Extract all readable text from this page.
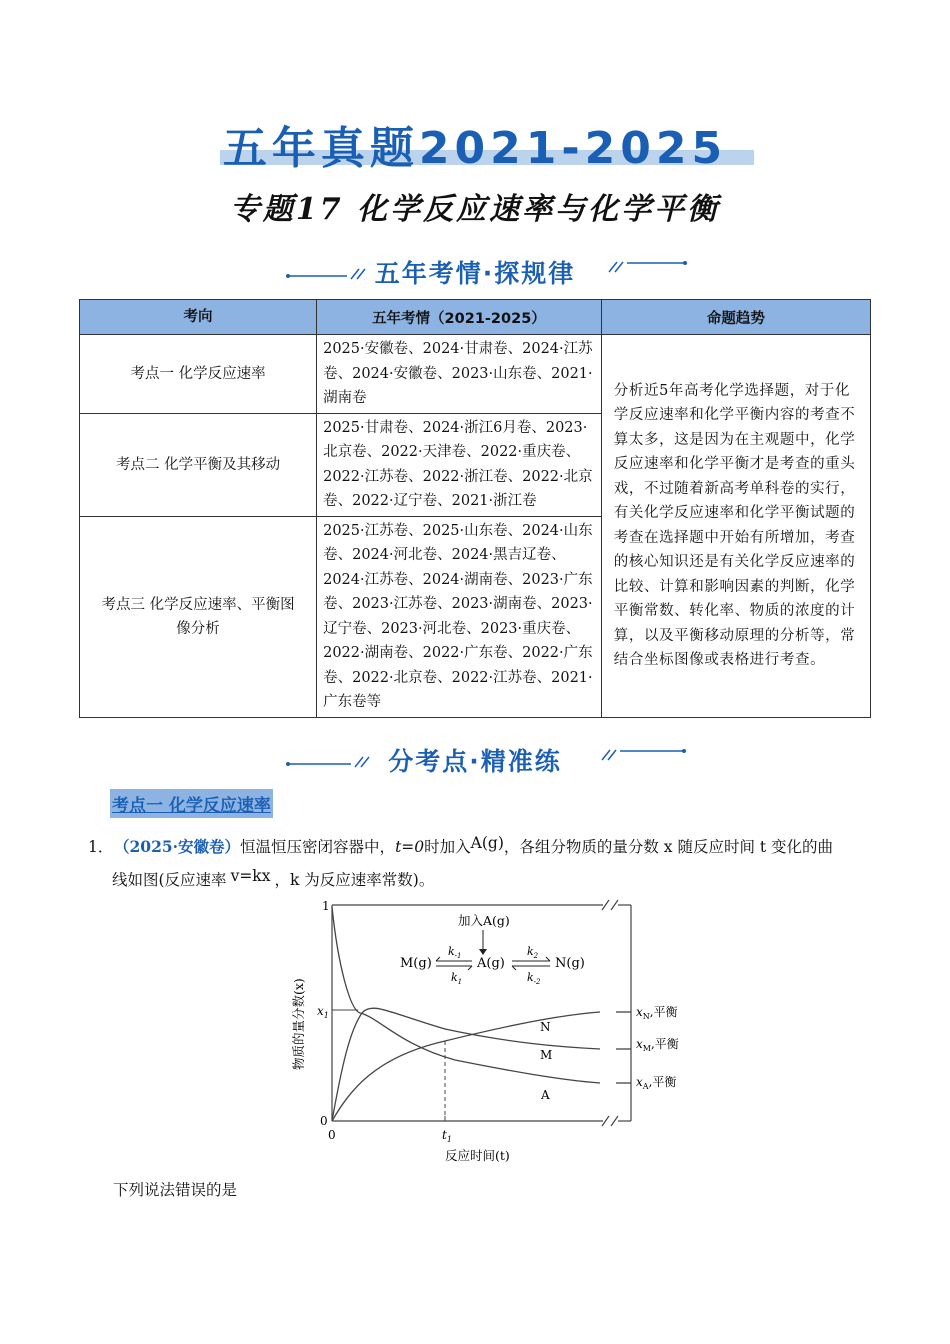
五年真题2021-2025
专题17 化学反应速率与化学平衡
五年考情·探规律
考向	五年考情（2021-2025）	命题趋势
考点一 化学反应速率	2025·安徽卷、2024·甘肃卷、2024·江苏卷、2024·安徽卷、2023·山东卷、2021·湖南卷	分析近5年高考化学选择题，对于化学反应速率和化学平衡内容的考查不算太多，这是因为在主观题中，化学反应速率和化学平衡才是考查的重头戏，不过随着新高考单科卷的实行，有关化学反应速率和化学平衡试题的考查在选择题中开始有所增加，考查的核心知识还是有关化学反应速率的比较、计算和影响因素的判断，化学平衡常数、转化率、物质的浓度的计算，以及平衡移动原理的分析等，常结合坐标图像或表格进行考查。
考点二 化学平衡及其移动	2025·甘肃卷、2024·浙江6月卷、2023·北京卷、2022·天津卷、2022·重庆卷、2022·江苏卷、2022·浙江卷、2022·北京卷、2022·辽宁卷、2021·浙江卷	
考点三 化学反应速率、平衡图像分析	2025·江苏卷、2025·山东卷、2024·山东卷、2024·河北卷、2024·黑吉辽卷、2024·江苏卷、2024·湖南卷、2023·广东卷、2023·江苏卷、2023·湖南卷、2023·辽宁卷、2023·河北卷、2023·重庆卷、2022·湖南卷、2022·广东卷、2022·广东卷、2022·北京卷、2022·江苏卷、2021·广东卷等	
分考点·精准练
考点一 化学反应速率
1．（2025·安徽卷）恒温恒压密闭容器中，t=0时加入A(g)，各组分物质的量分数 x 随反应时间 t 变化的曲
线如图(反应速率 v=kx ，k 为反应速率常数)。
1
$x_1$
0
0	$t_1$
反应时间(t)
物质的量分数(x)
加入A(g)
M(g)	A(g)	N(g)
$k_{-1}$
$k_1$
$k_2$
$k_{-2}$
N
M
A
$x_N$,平衡
$x_M$,平衡
$x_A$,平衡
下列说法错误的是
